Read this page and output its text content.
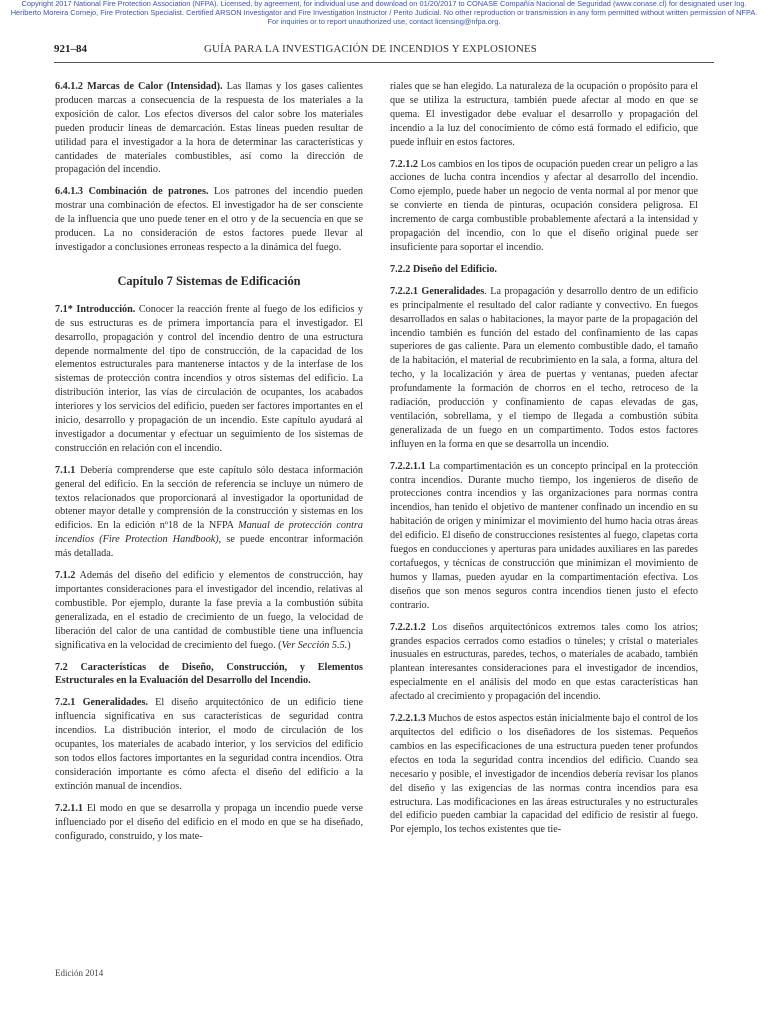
Copyright 2017 National Fire Protection Association (NFPA). Licensed, by agreement, for individual use and download on 01/20/2017 to CONASE Compañía Nacional de Seguridad (www.conase.cl) for designated user Ing.
Heriberto Moreira Cornejo, Fire Protection Specialist. Certified ARSON Investigator and Fire Investigation Instructor / Perito Judicial. No other reproduction or transmission in any form permitted without written permission of NFPA.
For inquiries or to report unauthorized use, contact licensing@nfpa.org.
921–84	GUÍA PARA LA INVESTIGACIÓN DE INCENDIOS Y EXPLOSIONES

6.4.1.2 Marcas de Calor (Intensidad). Las llamas y los gases calientes producen marcas a consecuencia de la respuesta de los materiales a la exposición de calor. Los efectos diversos del calor sobre los materiales pueden producir líneas de demarcación. Estas líneas pueden resultar de utilidad para el investigador a la hora de determinar las características y cantidades de materiales combustibles, así como la dirección de propagación del incendio.

6.4.1.3 Combinación de patrones. Los patrones del incendio pueden mostrar una combinación de efectos. El investigador ha de ser consciente de la influencia que uno puede tener en el otro y de la secuencia en que se producen. La no consideración de estos factores puede llevar al investigador a conclusiones erroneas respecto a la dinámica del fuego.

Capítulo 7 Sistemas de Edificación

7.1* Introducción. Conocer la reacción frente al fuego de los edificios y de sus estructuras es de primera importancia para el investigador. El desarrollo, propagación y control del incendio dentro de una estructura depende normalmente del tipo de construcción, de la capacidad de los elementos estructurales para mantenerse intactos y de la interfase de los sistemas de protección contra incendios y otros sistemas del edificio. La distribución interior, las vías de circulación de ocupantes, los acabados interiores y los servicios del edificio, pueden ser factores importantes en el inicio, desarrollo y propagación de un incendio. Este capítulo ayudará al investigador a documentar y efectuar un seguimiento de los sistemas de construcción en relación con el incendio.

7.1.1 Debería comprenderse que este capítulo sólo destaca información general del edificio. En la sección de referencia se incluye un número de textos relacionados que proporcionará al investigador la oportunidad de obtener mayor detalle y comprensión de la construcción y sistemas en los edificios. En la edición nº18 de la NFPA Manual de protección contra incendios (Fire Protection Handbook), se puede encontrar información más detallada.

7.1.2 Además del diseño del edificio y elementos de construcción, hay importantes consideraciones para el investigador del incendio, relativas al combustible. Por ejemplo, durante la fase previa a la combustión súbita generalizada, en el estadio de crecimiento de un fuego, la velocidad de liberación del calor de una cantidad de combustible tiene una influencia significativa en la velocidad de crecimiento del fuego. (Ver Sección 5.5.)

7.2 Características de Diseño, Construcción, y Elementos Estructurales en la Evaluación del Desarrollo del Incendio.

7.2.1 Generalidades. El diseño arquitectónico de un edificio tiene influencia significativa en sus características de seguridad contra incendios. La distribución interior, el modo de circulación de los ocupantes, los materiales de acabado interior, y los servicios del edificio son todos ellos factores importantes en la seguridad contra incendios. Otra consideración importante es cómo afecta el diseño del edificio a la extinción manual de incendios.

7.2.1.1 El modo en que se desarrolla y propaga un incendio puede verse influenciado por el diseño del edificio en el modo en que se ha diseñado, configurado, construido, y los mate-

riales que se han elegido. La naturaleza de la ocupación o propósito para el que se utiliza la estructura, también puede afectar al modo en que se quema. El investigador debe evaluar el desarrollo y propagación del incendio a la luz del conocimiento de cómo está formado el edificio, que puede influir en estos factores.

7.2.1.2 Los cambios en los tipos de ocupación pueden crear un peligro a las acciones de lucha contra incendios y afectar al desarrollo del incendio. Como ejemplo, puede haber un negocio de venta normal al por menor que se convierte en tienda de pinturas, ocupación considera peligrosa. El incremento de carga combustible probablemente afectará a la intensidad y propagación del incendio, con lo que el diseño original puede ser insuficiente para soportar el incendio.

7.2.2 Diseño del Edificio.

7.2.2.1 Generalidades. La propagación y desarrollo dentro de un edificio es principalmente el resultado del calor radiante y convectivo. En fuegos desarrollados en salas o habitaciones, la mayor parte de la propagación del incendio también es función del estado del confinamiento de las capas superiores de gas caliente. Para un elemento combustible dado, el tamaño de la habitación, el material de recubrimiento en la sala, a forma, altura del techo, y la localización y área de puertas y ventanas, pueden afectar profundamente la formación de chorros en el techo, retroceso de la radiación, producción y confinamiento de capas elevadas de gas, ventilación, sobrellama, y el tiempo de llegada a combustión súbita generalizada de un fuego en un compartimento. Todos estos factores influyen en la forma en que se desarrolla un incendio.

7.2.2.1.1 La compartimentación es un concepto principal en la protección contra incendios. Durante mucho tiempo, los ingenieros de diseño de protecciones contra incendios y las organizaciones para normas contra incendios, han tenido el objetivo de mantener confinado un incendio en su habitación de origen y minimizar el movimiento del humo hacia otras áreas del edificio. El diseño de construcciones resistentes al fuego, clapetas corta fuegos en conducciones y aperturas para unidades auxiliares en las paredes cortafuegos, y técnicas de construcción que minimizan el movimiento de humos y llamas, pueden ayudar en la compartimentación efectiva. Los diseños que son menos seguros contra incendios tienen justo el efecto contrario.

7.2.2.1.2 Los diseños arquitectónicos extremos tales como los atrios; grandes espacios cerrados como estadios o túneles; y cristal o materiales inusuales en estructuras, paredes, techos, o materiales de acabado, también plantean interesantes consideraciones para el investigador de incendios, especialmente en el análisis del modo en que estas características han afectado al crecimiento y propagación del incendio.

7.2.2.1.3 Muchos de estos aspectos están inicialmente bajo el control de los arquitectos del edificio o los diseñadores de los sistemas. Pequeños cambios en las especificaciones de una estructura pueden tener profundos efectos en toda la seguridad contra incendios del edificio. Cuando sea necesario y posible, el investigador de incendios debería revisar los planos del diseño y las exigencias de las normas contra incendios para esa estructura. Las modificaciones en las áreas estructurales y no estructurales del edificio pueden cambiar la capacidad del edificio de resistir al fuego. Por ejemplo, los techos existentes que tie-

Edición 2014
